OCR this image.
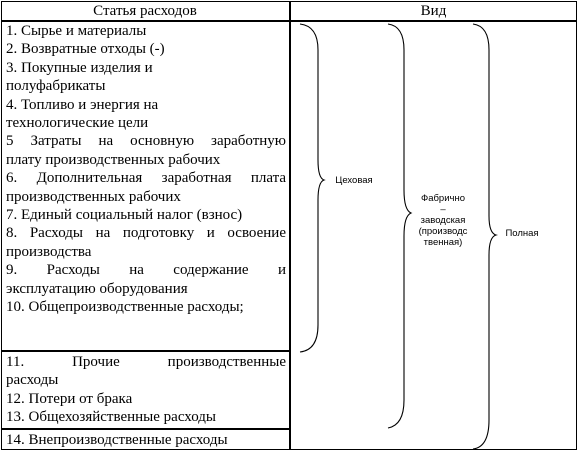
Статья расходов	Вид
1. Сырье и материалы
2. Возвратные отходы (-)
3. Покупные изделия и
полуфабрикаты
4. Топливо и энергия на
технологические цели
5 Затраты на основную заработную
плату производственных рабочих
6. Дополнительная заработная плата
производственных рабочих
7. Единый социальный налог (взнос)
8. Расходы на подготовку и освоение
производства
9. Расходы на содержание и
эксплуатацию оборудования
10. Общепроизводственные расходы;
11. Прочие производственные
расходы
12. Потери от брака
13. Общехозяйственные расходы
14. Внепроизводственные расходы
Цеховая
Фабрично
–
заводская
(производс
твенная)
Полная
